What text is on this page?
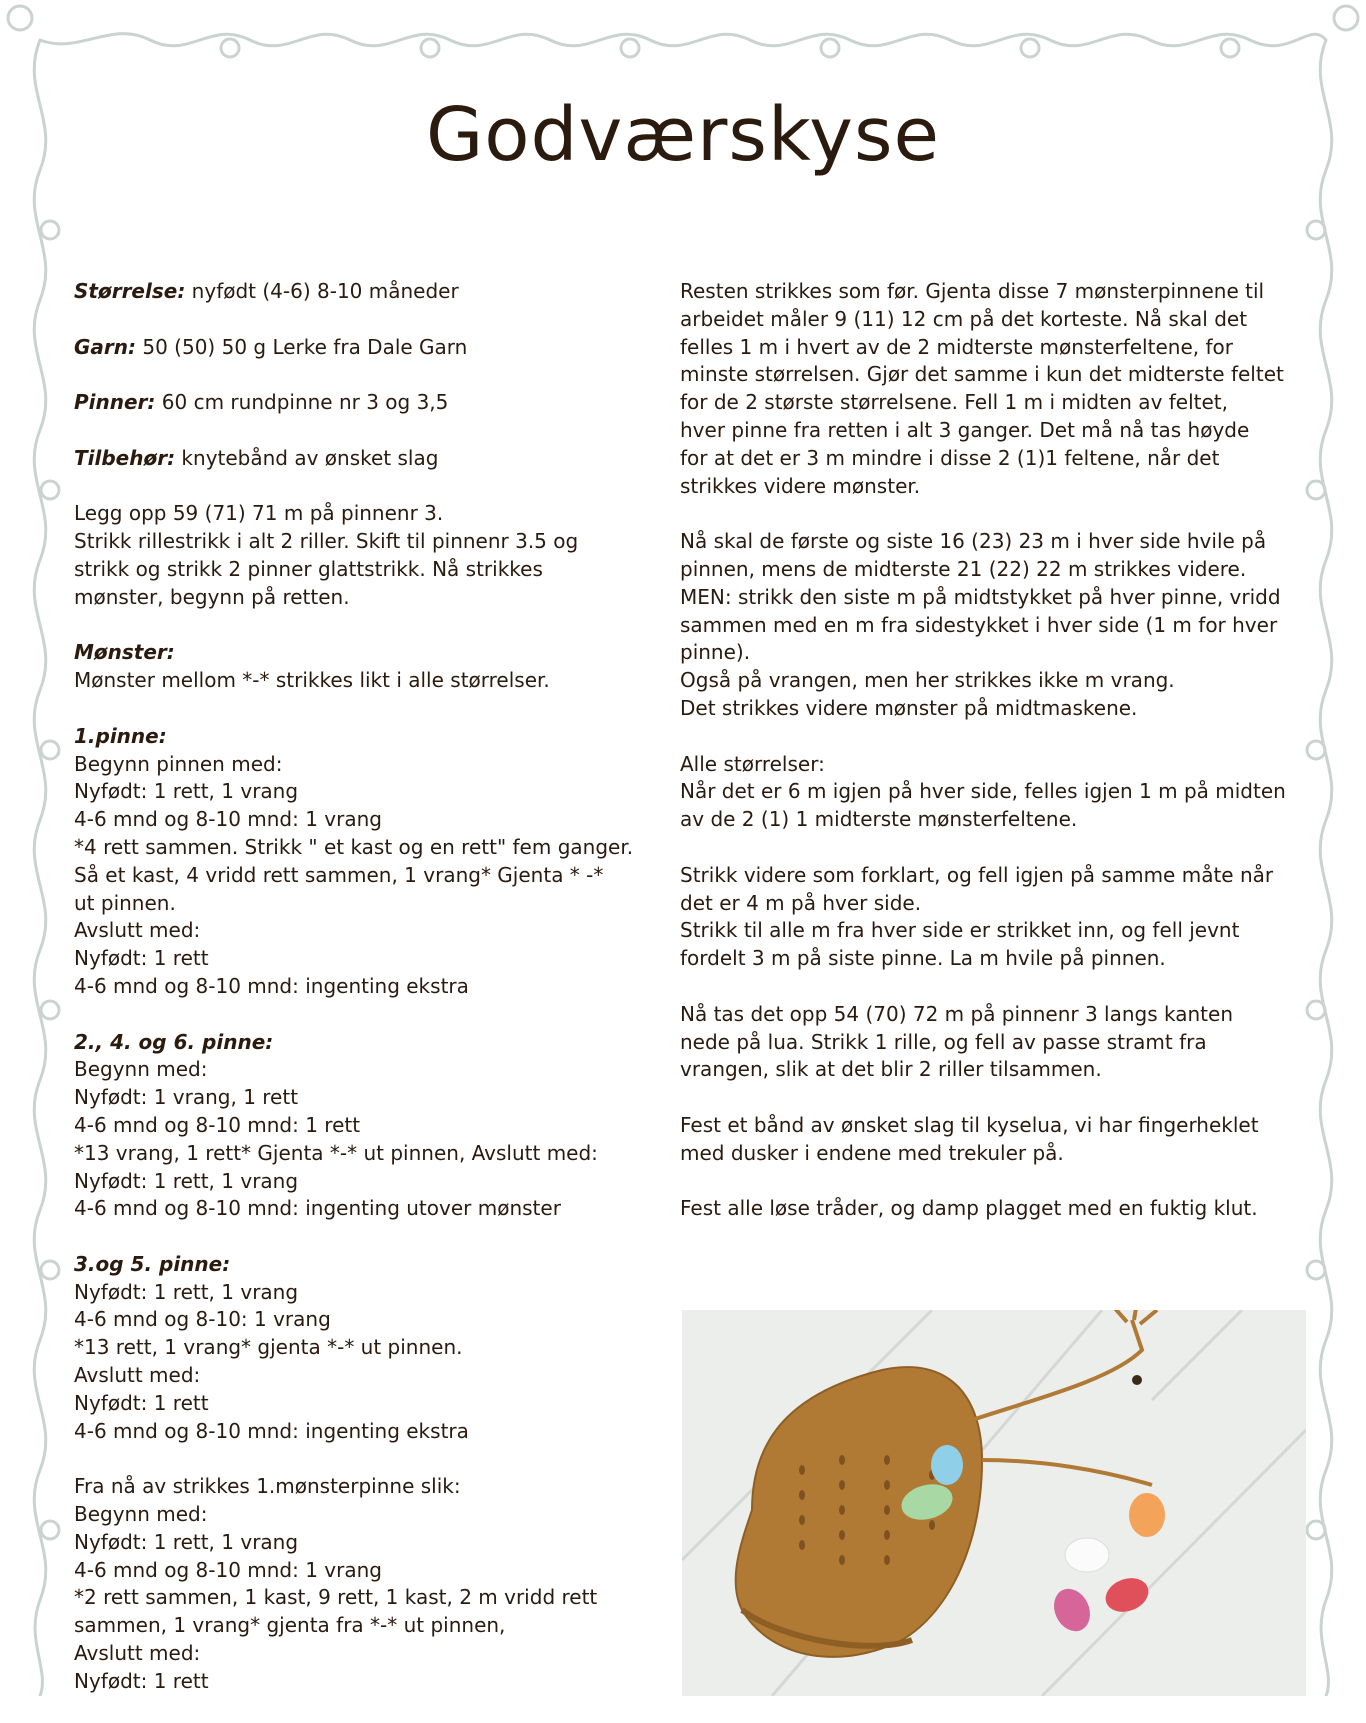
Godværskyse

Størrelse: nyfødt (4-6) 8-10 måneder

Garn: 50 (50) 50 g Lerke fra Dale Garn

Pinner: 60 cm rundpinne nr 3 og 3,5

Tilbehør: knytebånd av ønsket slag

Legg opp 59 (71) 71 m på pinnenr 3.
Strikk rillestrikk i alt 2 riller. Skift til pinnenr 3.5 og
strikk og strikk 2 pinner glattstrikk. Nå strikkes
mønster, begynn på retten.

Mønster:
Mønster mellom *-* strikkes likt i alle størrelser.

1.pinne:
Begynn pinnen med:
Nyfødt: 1 rett, 1 vrang
4-6 mnd og 8-10 mnd: 1 vrang
*4 rett sammen. Strikk " et kast og en rett" fem ganger.
Så et kast, 4 vridd rett sammen, 1 vrang* Gjenta * -*
ut pinnen.
Avslutt med:
Nyfødt: 1 rett
4-6 mnd og 8-10 mnd: ingenting ekstra

2., 4. og 6. pinne:
Begynn med:
Nyfødt: 1 vrang, 1 rett
4-6 mnd og 8-10 mnd: 1 rett
*13 vrang, 1 rett* Gjenta *-* ut pinnen, Avslutt med:
Nyfødt: 1 rett, 1 vrang
4-6 mnd og 8-10 mnd: ingenting utover mønster

3.og 5. pinne:
Nyfødt: 1 rett, 1 vrang
4-6 mnd og 8-10: 1 vrang
*13 rett, 1 vrang* gjenta *-* ut pinnen.
Avslutt med:
Nyfødt: 1 rett
4-6 mnd og 8-10 mnd: ingenting ekstra

Fra nå av strikkes 1.mønsterpinne slik:
Begynn med:
Nyfødt: 1 rett, 1 vrang
4-6 mnd og 8-10 mnd: 1 vrang
*2 rett sammen, 1 kast, 9 rett, 1 kast, 2 m vridd rett
sammen, 1 vrang* gjenta fra *-* ut pinnen,
Avslutt med:
Nyfødt: 1 rett

Resten strikkes som før. Gjenta disse 7 mønsterpinnene til
arbeidet måler 9 (11) 12 cm på det korteste. Nå skal det
felles 1 m i hvert av de 2 midterste mønsterfeltene, for
minste størrelsen. Gjør det samme i kun det midterste feltet
for de 2 største størrelsene. Fell 1 m i midten av feltet,
hver pinne fra retten i alt 3 ganger. Det må nå tas høyde
for at det er 3 m mindre i disse 2 (1)1 feltene, når det
strikkes videre mønster.

Nå skal de første og siste 16 (23) 23 m i hver side hvile på
pinnen, mens de midterste 21 (22) 22 m strikkes videre.
MEN: strikk den siste m på midtstykket på hver pinne, vridd
sammen med en m fra sidestykket i hver side (1 m for hver
pinne).
Også på vrangen, men her strikkes ikke m vrang.
Det strikkes videre mønster på midtmaskene.

Alle størrelser:
Når det er 6 m igjen på hver side, felles igjen 1 m på midten
av de 2 (1) 1 midterste mønsterfeltene.

Strikk videre som forklart, og fell igjen på samme måte når
det er 4 m på hver side.
Strikk til alle m fra hver side er strikket inn, og fell jevnt
fordelt 3 m på siste pinne. La m hvile på pinnen.

Nå tas det opp 54 (70) 72 m på pinnenr 3 langs kanten
nede på lua. Strikk 1 rille, og fell av passe stramt fra
vrangen, slik at det blir 2 riller tilsammen.

Fest et bånd av ønsket slag til kyselua, vi har fingerheklet
med dusker i endene med trekuler på.

Fest alle løse tråder, og damp plagget med en fuktig klut.
